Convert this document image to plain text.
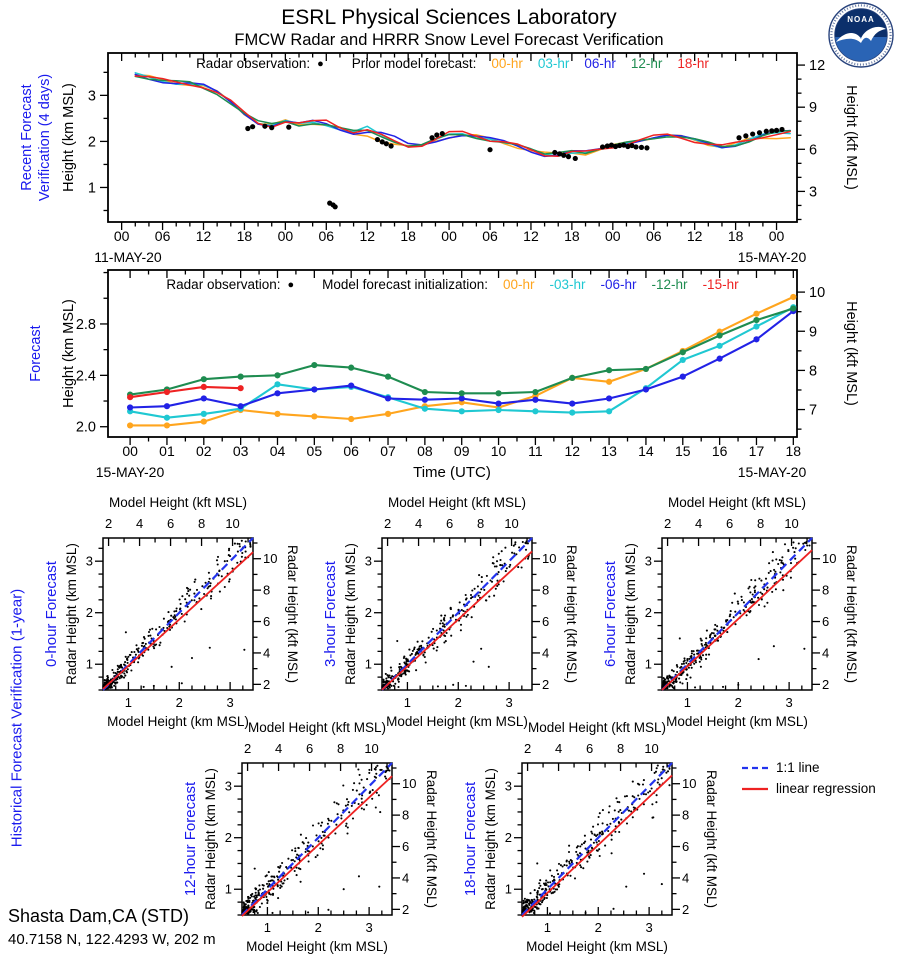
ESRL Physical Sciences Laboratory
FMCW Radar and HRRR Snow Level Forecast Verification
NOAA
00 06 12 18 00 06 12 18 00 06 12 18 00 06 12 18 00
1
2
3
3
6
9
12
11-MAY-20	15-MAY-20
Recent Forecast Verification (4 days) Height (km MSL)	Height (kft MSL)
00 01 02 03 04 05 06 07 08 09 10 11 12 13 14 15 16 17 18
2.0
2.4
2.8
7
8
9
10
Time (UTC)
15-MAY-20	15-MAY-20
Forecast Height (km MSL)	Height (kft MSL)
1
1
2
2
3
3
2
2
4
4
6
6
8
8
10
10
Model Height (kft MSL)
Model Height (km MSL)
0-hour Forecast Radar Height (km MSL)	Radar Height (kft MSL)
1
1
2
2
3
3
2
2
4
4
6
6
8
8
10
10
Model Height (kft MSL)
Model Height (km MSL)
3-hour Forecast Radar Height (km MSL)	Radar Height (kft MSL)
1
1
2
2
3
3
2
2
4
4
6
6
8
8
10
10
Model Height (kft MSL)
Model Height (km MSL)
6-hour Forecast Radar Height (km MSL)	Radar Height (kft MSL)
1
1
2
2
3
3
2
2
4
4
6
6
8
8
10
10
Model Height (kft MSL)
Model Height (km MSL)
12-hour Forecast Radar Height (km MSL)	Radar Height (kft MSL)
1
1
2
2
3
3
2
2
4
4
6
6
8
8
10
10
Model Height (kft MSL)
Model Height (km MSL)
18-hour Forecast Radar Height (km MSL)	Radar Height (kft MSL)
Radar observation: ● Prior model forecast: 00-hr 03-hr 06-hr 12-hr 18-hr
Radar observation: ● Model forecast initialization: 00-hr -03-hr -06-hr -12-hr -15-hr
Historical Forecast Verification (1-year)	1:1 line
linear regression
Shasta Dam,CA (STD)
40.7158 N, 122.4293 W, 202 m
